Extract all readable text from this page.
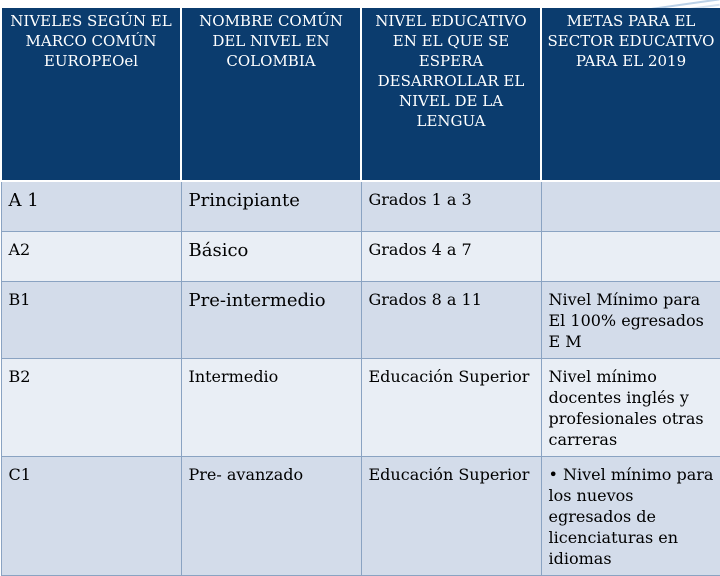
NIVELES SEGÚN EL MARCO COMÚN EUROPEOel	NOMBRE COMÚN DEL NIVEL EN COLOMBIA	NIVEL EDUCATIVO EN EL QUE SE ESPERA DESARROLLAR EL NIVEL DE LA LENGUA	METAS PARA EL SECTOR EDUCATIVO PARA EL 2019
A 1	Principiante	Grados 1 a 3	
A2	Básico	Grados 4 a 7	
B1	Pre-intermedio	Grados 8 a 11	Nivel Mínimo para El 100% egresados E M
B2	Intermedio	Educación Superior	Nivel mínimo docentes inglés y profesionales otras carreras
C1	Pre- avanzado	Educación Superior	• Nivel mínimo para los nuevos egresados de licenciaturas en idiomas
